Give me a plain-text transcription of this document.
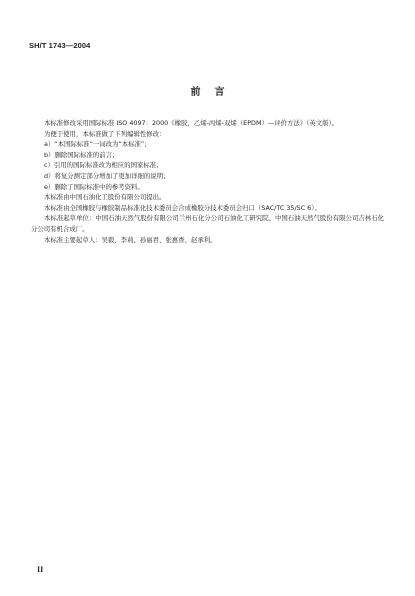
SH/T 1743—2004
前言

本标准修改采用国际标准 ISO 4097：2000《橡胶，乙烯-丙烯-双烯（EPDM）—评价方法》（英文版）。

为便于使用，本标准做了下列编辑性修改：

a）“本国际标准”一词改为“本标准”；

b）删除国际标准的前言；

c）引用的国际标准改为相应的国家标准；

d）将复分测定部分增加了更加详细的说明；

e）删除了国际标准中的参考资料。

本标准由中国石油化工股份有限公司提出。

本标准由全国橡胶与橡胶制品标准化技术委员会合成橡胶分技术委员会归口（SAC/TC 35/SC 6）。

本标准起草单位：中国石油天然气股份有限公司兰州石化分公司石油化工研究院、中国石油天然气股份有限公司吉林石化分公司有机合成厂。

本标准主要起草人：吴毅、李莉、孙丽君、张惠香、赵承利。

II
